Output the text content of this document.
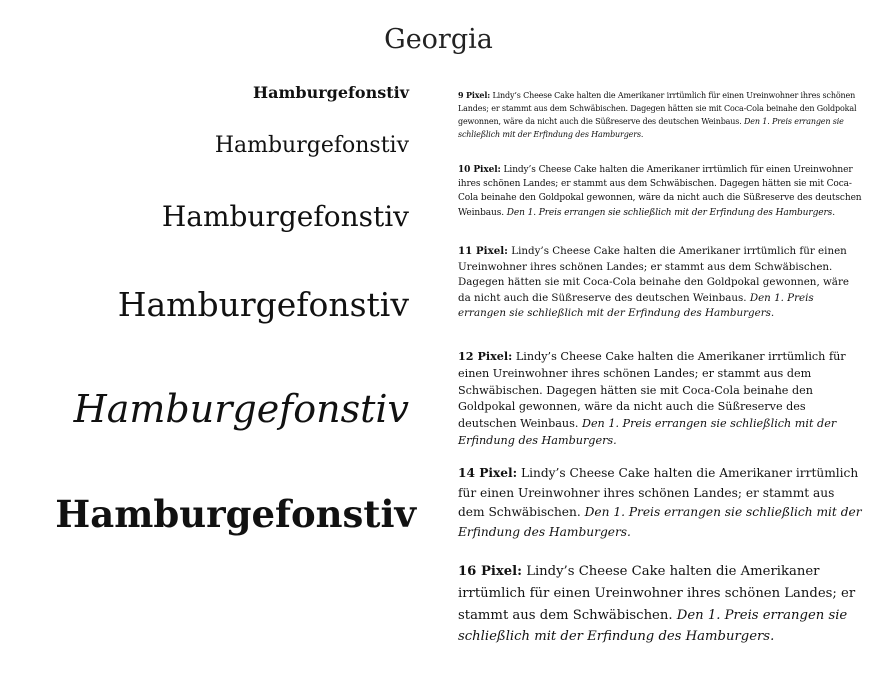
Georgia
Hamburgefonstiv
Hamburgefonstiv
Hamburgefonstiv
Hamburgefonstiv
Hamburgefonstiv
Hamburgefonstiv
9 Pixel: Lindy’s Cheese Cake halten die Amerikaner irrtümlich für einen Ureinwohner ihres schönen Landes; er stammt aus dem Schwäbischen. Dagegen hätten sie mit Coca-Cola beinahe den Goldpokal gewonnen, wäre da nicht auch die Süßreserve des deutschen Weinbaus. Den 1. Preis errangen sie schließlich mit der Erfindung des Hamburgers.
10 Pixel: Lindy’s Cheese Cake halten die Amerikaner irrtümlich für einen Ureinwohner ihres schönen Landes; er stammt aus dem Schwäbischen. Dagegen hätten sie mit Coca-Cola beinahe den Goldpokal gewonnen, wäre da nicht auch die Süßreserve des deutschen Weinbaus. Den 1. Preis errangen sie schließlich mit der Erfindung des Hamburgers.
11 Pixel: Lindy’s Cheese Cake halten die Amerikaner irrtümlich für einen Ureinwohner ihres schönen Landes; er stammt aus dem Schwäbischen. Dagegen hätten sie mit Coca-Cola beinahe den Goldpokal gewonnen, wäre da nicht auch die Süßreserve des deutschen Weinbaus. Den 1. Preis errangen sie schließlich mit der Erfindung des Hamburgers.
12 Pixel: Lindy’s Cheese Cake halten die Amerikaner irrtümlich für einen Ureinwohner ihres schönen Landes; er stammt aus dem Schwäbischen. Dagegen hätten sie mit Coca-Cola beinahe den Goldpokal gewonnen, wäre da nicht auch die Süßreserve des deutschen Weinbaus. Den 1. Preis errangen sie schließlich mit der Erfindung des Hamburgers.
14 Pixel: Lindy’s Cheese Cake halten die Amerikaner irrtümlich für einen Ureinwohner ihres schönen Landes; er stammt aus dem Schwäbischen. Den 1. Preis errangen sie schließlich mit der Erfindung des Hamburgers.
16 Pixel: Lindy’s Cheese Cake halten die Amerikaner irrtümlich für einen Ureinwohner ihres schönen Landes; er stammt aus dem Schwäbischen. Den 1. Preis errangen sie schließlich mit der Erfindung des Hamburgers.
